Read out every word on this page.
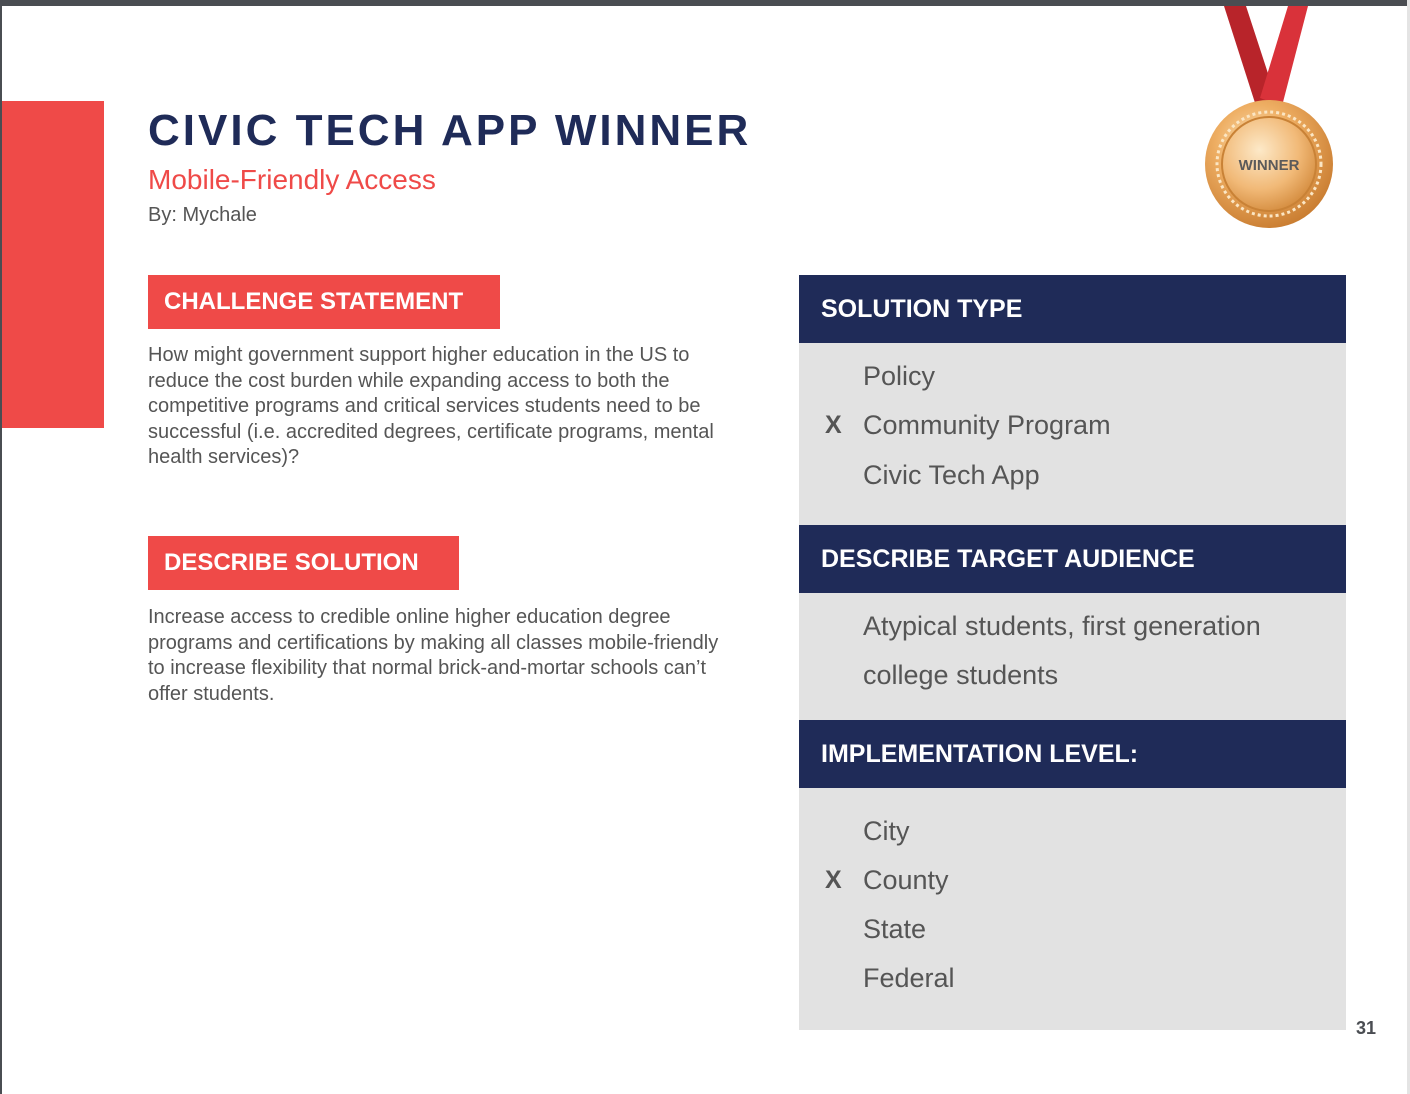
CIVIC TECH APP WINNER
Mobile-Friendly Access
By: Mychale
WINNER
CHALLENGE STATEMENT

How might government support higher education in the US to reduce the cost burden while expanding access to both the competitive programs and critical services students need to be successful (i.e. accredited degrees, certificate programs, mental health services)?

DESCRIBE SOLUTION

Increase access to credible online higher education degree programs and certifications by making all classes mobile-friendly to increase flexibility that normal brick-and-mortar schools can’t offer students.

SOLUTION TYPE
Policy
X Community Program
Civic Tech App
DESCRIBE TARGET AUDIENCE
Atypical students, first generation
college students
IMPLEMENTATION LEVEL:
City
X County
State
Federal
31
